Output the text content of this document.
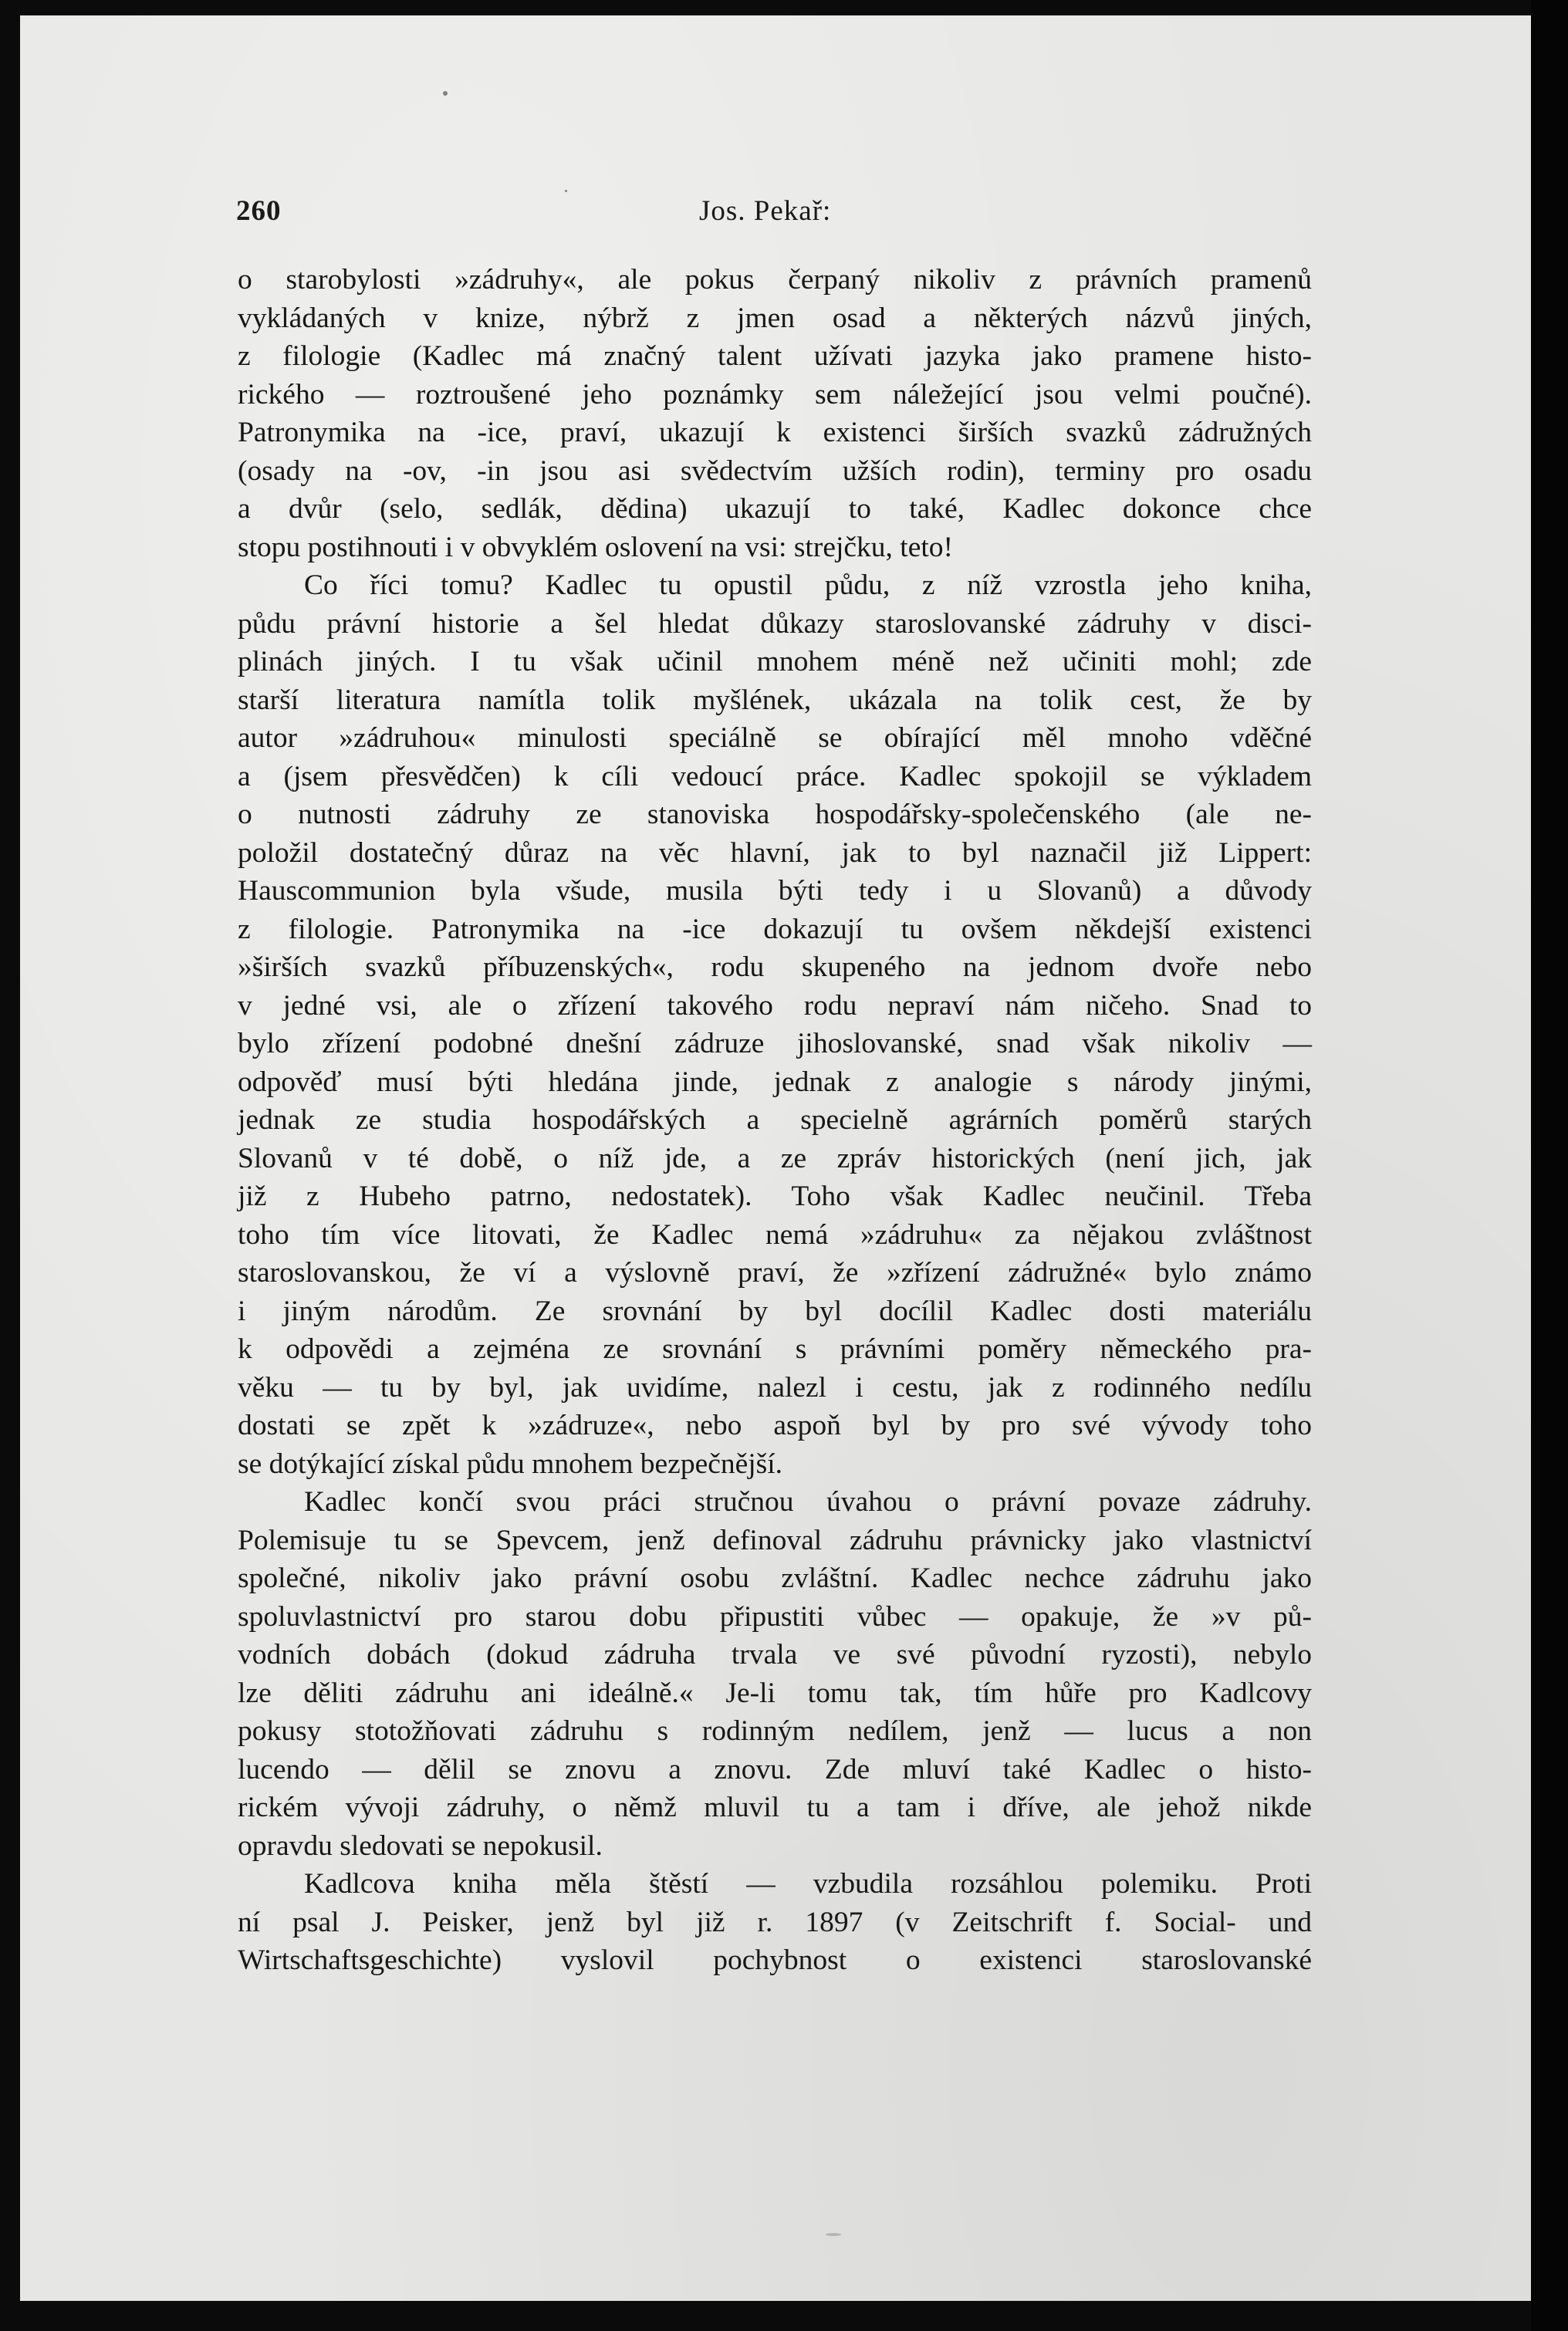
260	Jos. Pekař:
o starobylosti »zádruhy«, ale pokus čerpaný nikoliv z právních pramenů
vykládaných v knize, nýbrž z jmen osad a některých názvů jiných,
z filologie (Kadlec má značný talent užívati jazyka jako pramene histo-
rického — roztroušené jeho poznámky sem náležející jsou velmi poučné).
Patronymika na -ice, praví, ukazují k existenci širších svazků zádružných
(osady na -ov, -in jsou asi svědectvím užších rodin), terminy pro osadu
a dvůr (selo, sedlák, dědina) ukazují to také, Kadlec dokonce chce
stopu postihnouti i v obvyklém oslovení na vsi: strejčku, teto!
Co říci tomu? Kadlec tu opustil půdu, z níž vzrostla jeho kniha,
půdu právní historie a šel hledat důkazy staroslovanské zádruhy v disci-
plinách jiných. I tu však učinil mnohem méně než učiniti mohl; zde
starší literatura namítla tolik myšlének, ukázala na tolik cest, že by
autor »zádruhou« minulosti speciálně se obírající měl mnoho vděčné
a (jsem přesvědčen) k cíli vedoucí práce. Kadlec spokojil se výkladem
o nutnosti zádruhy ze stanoviska hospodářsky-společenského (ale ne-
položil dostatečný důraz na věc hlavní, jak to byl naznačil již Lippert:
Hauscommunion byla všude, musila býti tedy i u Slovanů) a důvody
z filologie. Patronymika na -ice dokazují tu ovšem někdejší existenci
»širších svazků příbuzenských«, rodu skupeného na jednom dvoře nebo
v jedné vsi, ale o zřízení takového rodu nepraví nám ničeho. Snad to
bylo zřízení podobné dnešní zádruze jihoslovanské, snad však nikoliv —
odpověď musí býti hledána jinde, jednak z analogie s národy jinými,
jednak ze studia hospodářských a specielně agrárních poměrů starých
Slovanů v té době, o níž jde, a ze zpráv historických (není jich, jak
již z Hubeho patrno, nedostatek). Toho však Kadlec neučinil. Třeba
toho tím více litovati, že Kadlec nemá »zádruhu« za nějakou zvláštnost
staroslovanskou, že ví a výslovně praví, že »zřízení zádružné« bylo známo
i jiným národům. Ze srovnání by byl docílil Kadlec dosti materiálu
k odpovědi a zejména ze srovnání s právními poměry německého pra-
věku — tu by byl, jak uvidíme, nalezl i cestu, jak z rodinného nedílu
dostati se zpět k »zádruze«, nebo aspoň byl by pro své vývody toho
se dotýkající získal půdu mnohem bezpečnější.
Kadlec končí svou práci stručnou úvahou o právní povaze zádruhy.
Polemisuje tu se Spevcem, jenž definoval zádruhu právnicky jako vlastnictví
společné, nikoliv jako právní osobu zvláštní. Kadlec nechce zádruhu jako
spoluvlastnictví pro starou dobu připustiti vůbec — opakuje, že »v pů-
vodních dobách (dokud zádruha trvala ve své původní ryzosti), nebylo
lze děliti zádruhu ani ideálně.« Je-li tomu tak, tím hůře pro Kadlcovy
pokusy stotožňovati zádruhu s rodinným nedílem, jenž — lucus a non
lucendo — dělil se znovu a znovu. Zde mluví také Kadlec o histo-
rickém vývoji zádruhy, o němž mluvil tu a tam i dříve, ale jehož nikde
opravdu sledovati se nepokusil.
Kadlcova kniha měla štěstí — vzbudila rozsáhlou polemiku. Proti
ní psal J. Peisker, jenž byl již r. 1897 (v Zeitschrift f. Social- und
Wirtschaftsgeschichte) vyslovil pochybnost o existenci staroslovanské
